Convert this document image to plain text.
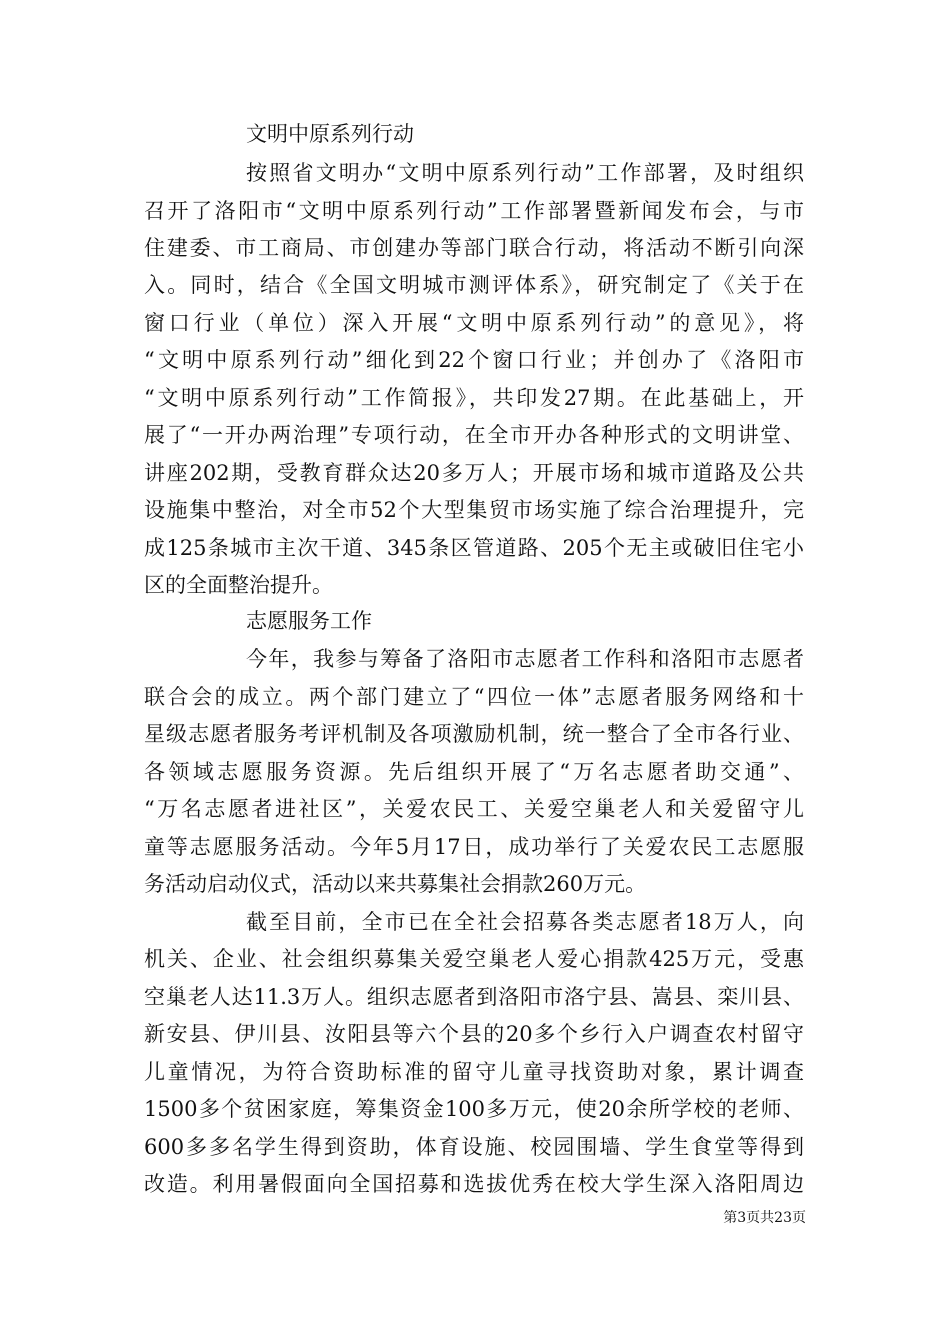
文明中原系列行动
按照省文明办“文明中原系列行动”工作部署，及时组织
召开了洛阳市“文明中原系列行动”工作部署暨新闻发布会，与市
住建委、市工商局、市创建办等部门联合行动，将活动不断引向深
入。同时，结合《全国文明城市测评体系》，研究制定了《关于在
窗口行业（单位）深入开展“文明中原系列行动”的意见》，将
“文明中原系列行动”细化到22个窗口行业；并创办了《洛阳市
“文明中原系列行动”工作简报》，共印发27期。在此基础上，开
展了“一开办两治理”专项行动，在全市开办各种形式的文明讲堂、
讲座202期，受教育群众达20多万人；开展市场和城市道路及公共
设施集中整治，对全市52个大型集贸市场实施了综合治理提升，完
成125条城市主次干道、345条区管道路、205个无主或破旧住宅小
区的全面整治提升。
志愿服务工作
今年，我参与筹备了洛阳市志愿者工作科和洛阳市志愿者
联合会的成立。两个部门建立了“四位一体”志愿者服务网络和十
星级志愿者服务考评机制及各项激励机制，统一整合了全市各行业、
各领域志愿服务资源。先后组织开展了“万名志愿者助交通”、
“万名志愿者进社区”，关爱农民工、关爱空巢老人和关爱留守儿
童等志愿服务活动。今年5月17日，成功举行了关爱农民工志愿服
务活动启动仪式，活动以来共募集社会捐款260万元。
截至目前，全市已在全社会招募各类志愿者18万人，向
机关、企业、社会组织募集关爱空巢老人爱心捐款425万元，受惠
空巢老人达11.3万人。组织志愿者到洛阳市洛宁县、嵩县、栾川县、
新安县、伊川县、汝阳县等六个县的20多个乡行入户调查农村留守
儿童情况，为符合资助标准的留守儿童寻找资助对象，累计调查
1500多个贫困家庭，筹集资金100多万元，使20余所学校的老师、
600多多名学生得到资助，体育设施、校园围墙、学生食堂等得到
改造。利用暑假面向全国招募和选拔优秀在校大学生深入洛阳周边
第3页共23页
